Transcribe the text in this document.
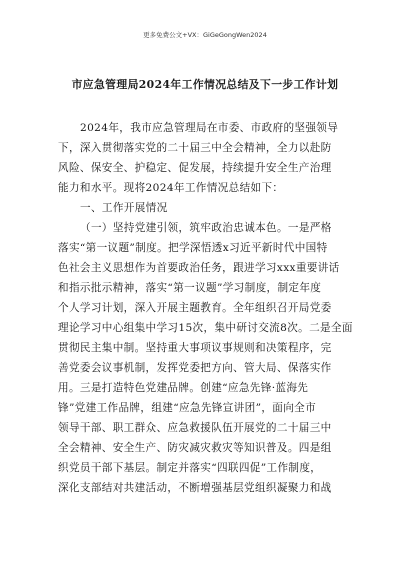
更多免费公文+VX：GiGeGongWen2024
市应急管理局2024年工作情况总结及下一步工作计划
2024年，我市应急管理局在市委、市政府的坚强领导
下，深入贯彻落实党的二十届三中全会精神，全力以赴防
风险、保安全、护稳定、促发展，持续提升安全生产治理
能力和水平。现将2024年工作情况总结如下：
一、工作开展情况
（一）坚持党建引领，筑牢政治忠诚本色。一是严格
落实“第一议题”制度。把学深悟透x习近平新时代中国特
色社会主义思想作为首要政治任务，跟进学习xxx重要讲话
和指示批示精神，落实“第一议题”学习制度，制定年度
个人学习计划，深入开展主题教育。全年组织召开局党委
理论学习中心组集中学习15次，集中研讨交流8次。二是全面
贯彻民主集中制。坚持重大事项议事规则和决策程序，完
善党委会议事机制，发挥党委把方向、管大局、保落实作
用。三是打造特色党建品牌。创建“应急先锋·蓝海先
锋”党建工作品牌，组建“应急先锋宣讲团”，面向全市
领导干部、职工群众、应急救援队伍开展党的二十届三中
全会精神、安全生产、防灾减灾救灾等知识普及。四是组
织党员干部下基层。制定并落实“四联四促”工作制度，
深化支部结对共建活动，不断增强基层党组织凝聚力和战
